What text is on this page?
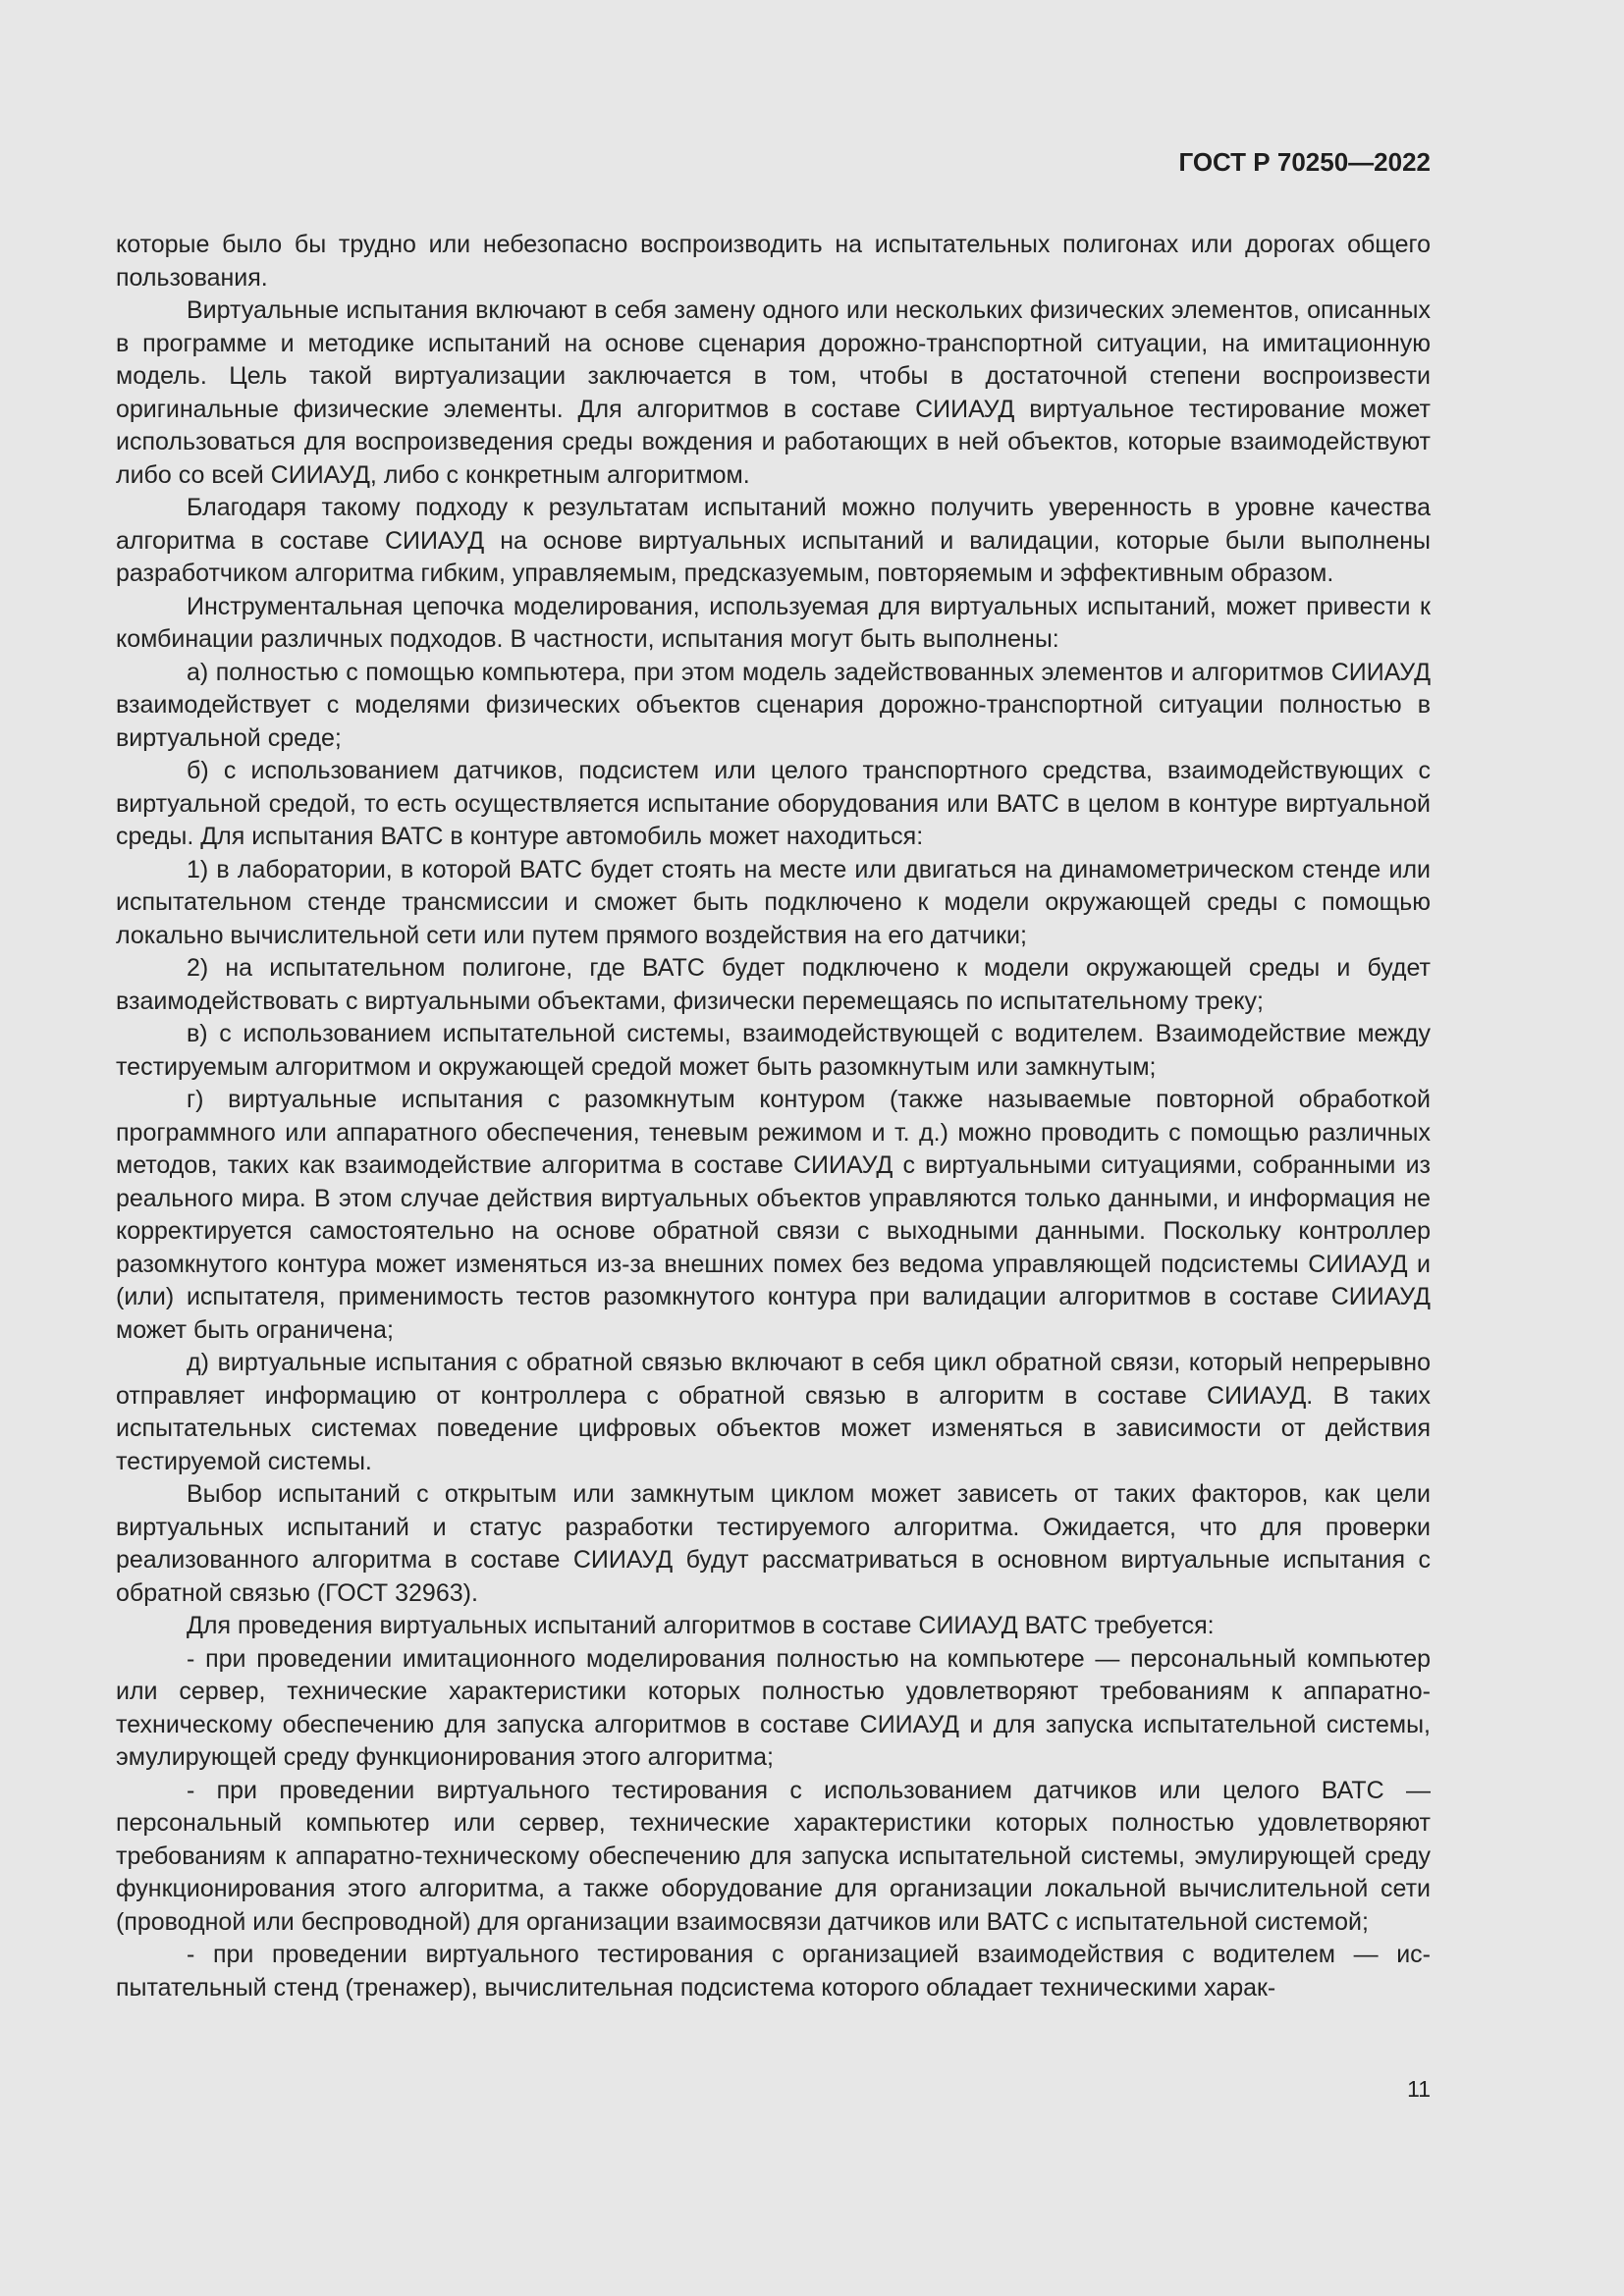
ГОСТ Р 70250—2022

которые было бы трудно или небезопасно воспроизводить на испытательных полигонах или дорогах общего пользования.

Виртуальные испытания включают в себя замену одного или нескольких физических элементов, описанных в программе и методике испытаний на основе сценария дорожно-транспортной ситуации, на имитационную модель. Цель такой виртуализации заключается в том, чтобы в достаточной степени воспроизвести оригинальные физические элементы. Для алгоритмов в составе СИИАУД виртуальное тестирование может использоваться для воспроизведения среды вождения и работающих в ней объектов, которые взаимодействуют либо со всей СИИАУД, либо с конкретным алгоритмом.

Благодаря такому подходу к результатам испытаний можно получить уверенность в уровне качества алгоритма в составе СИИАУД на основе виртуальных испытаний и валидации, которые были выполнены разработчиком алгоритма гибким, управляемым, предсказуемым, повторяемым и эффективным образом.

Инструментальная цепочка моделирования, используемая для виртуальных испытаний, может привести к комбинации различных подходов. В частности, испытания могут быть выполнены:

а) полностью с помощью компьютера, при этом модель задействованных элементов и алгоритмов СИИАУД взаимодействует с моделями физических объектов сценария дорожно-транспортной ситуации полностью в виртуальной среде;

б) с использованием датчиков, подсистем или целого транспортного средства, взаимодействующих с виртуальной средой, то есть осуществляется испытание оборудования или ВАТС в целом в контуре виртуальной среды. Для испытания ВАТС в контуре автомобиль может находиться:

1) в лаборатории, в которой ВАТС будет стоять на месте или двигаться на динамометрическом стенде или испытательном стенде трансмиссии и сможет быть подключено к модели окружающей среды с помощью локально вычислительной сети или путем прямого воздействия на его датчики;

2) на испытательном полигоне, где ВАТС будет подключено к модели окружающей среды и будет взаимодействовать с виртуальными объектами, физически перемещаясь по испытательному треку;

в) с использованием испытательной системы, взаимодействующей с водителем. Взаимодействие между тестируемым алгоритмом и окружающей средой может быть разомкнутым или замкнутым;

г) виртуальные испытания с разомкнутым контуром (также называемые повторной обработкой программного или аппаратного обеспечения, теневым режимом и т. д.) можно проводить с помощью различных методов, таких как взаимодействие алгоритма в составе СИИАУД с виртуальными ситуациями, собранными из реального мира. В этом случае действия виртуальных объектов управляются только данными, и информация не корректируется самостоятельно на основе обратной связи с выходными данными. Поскольку контроллер разомкнутого контура может изменяться из-за внешних помех без ведома управляющей подсистемы СИИАУД и (или) испытателя, применимость тестов разомкнутого контура при валидации алгоритмов в составе СИИАУД может быть ограничена;

д) виртуальные испытания с обратной связью включают в себя цикл обратной связи, который непрерывно отправляет информацию от контроллера с обратной связью в алгоритм в составе СИИАУД. В таких испытательных системах поведение цифровых объектов может изменяться в зависимости от действия тестируемой системы.

Выбор испытаний с открытым или замкнутым циклом может зависеть от таких факторов, как цели виртуальных испытаний и статус разработки тестируемого алгоритма. Ожидается, что для проверки реализованного алгоритма в составе СИИАУД будут рассматриваться в основном виртуальные испытания с обратной связью (ГОСТ 32963).

Для проведения виртуальных испытаний алгоритмов в составе СИИАУД ВАТС требуется:

- при проведении имитационного моделирования полностью на компьютере — персональный компьютер или сервер, технические характеристики которых полностью удовлетворяют требованиям к аппаратно-техническому обеспечению для запуска алгоритмов в составе СИИАУД и для запуска испытательной системы, эмулирующей среду функционирования этого алгоритма;

- при проведении виртуального тестирования с использованием датчиков или целого ВАТС — персональный компьютер или сервер, технические характеристики которых полностью удовлетворяют требованиям к аппаратно-техническому обеспечению для запуска испытательной системы, эмулирующей среду функционирования этого алгоритма, а также оборудование для организации локальной вычислительной сети (проводной или беспроводной) для организации взаимосвязи датчиков или ВАТС с испытательной системой;

- при проведении виртуального тестирования с организацией взаимодействия с водителем — испытательный стенд (тренажер), вычислительная подсистема которого обладает техническими харак-

11
